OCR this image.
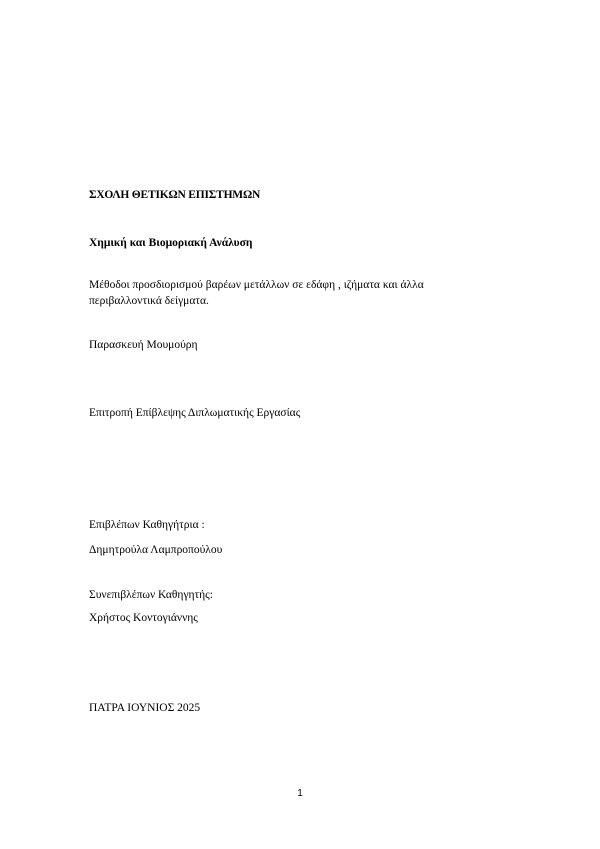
ΣΧΟΛΗ ΘΕΤΙΚΩΝ ΕΠΙΣΤΗΜΩΝ
Χημική και Βιομοριακή Ανάλυση
Μέθοδοι προσδιορισμού βαρέων μετάλλων σε εδάφη , ιζήματα και άλλα
περιβαλλοντικά δείγματα.
Παρασκευή Μουμούρη
Επιτροπή Επίβλεψης Διπλωματικής Εργασίας
Επιβλέπων Καθηγήτρια :
Δημητρούλα Λαμπροπούλου
Συνεπιβλέπων Καθηγητής:
Χρήστος Κοντογιάννης
ΠΑΤΡΑ ΙΟΥΝΙΟΣ 2025
1
